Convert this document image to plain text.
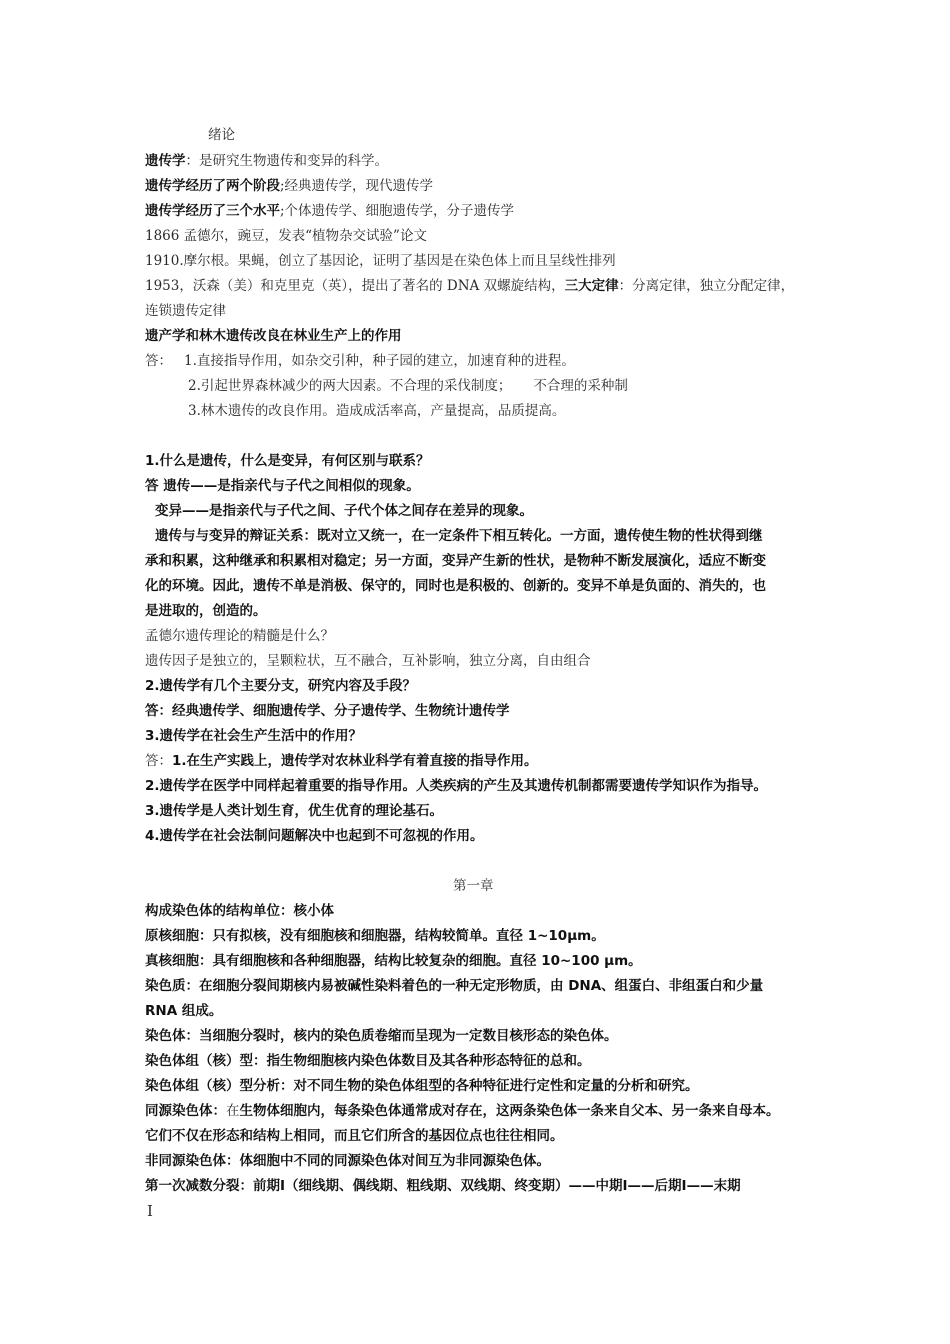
绪论
遗传学：是研究生物遗传和变异的科学。
遗传学经历了两个阶段;经典遗传学，现代遗传学
遗传学经历了三个水平;个体遗传学、细胞遗传学，分子遗传学
1866 孟德尔，豌豆，发表“植物杂交试验”论文
1910.摩尔根。果蝇，创立了基因论，证明了基因是在染色体上而且呈线性排列
1953，沃森（美）和克里克（英），提出了著名的 DNA 双螺旋结构，三大定律：分离定律，独立分配定律，
连锁遗传定律
遗产学和林木遗传改良在林业生产上的作用
答： 1.直接指导作用，如杂交引种，种子园的建立，加速育种的进程。
2.引起世界森林减少的两大因素。不合理的采伐制度； 不合理的采种制
3.林木遗传的改良作用。造成成活率高，产量提高，品质提高。
1.什么是遗传，什么是变异，有何区别与联系？
答 遗传——是指亲代与子代之间相似的现象。
变异——是指亲代与子代之间、子代个体之间存在差异的现象。
遗传与与变异的辩证关系：既对立又统一，在一定条件下相互转化。一方面，遗传使生物的性状得到继
承和积累，这种继承和积累相对稳定；另一方面，变异产生新的性状，是物种不断发展演化，适应不断变
化的环境。因此，遗传不单是消极、保守的，同时也是积极的、创新的。变异不单是负面的、消失的，也
是进取的，创造的。
孟德尔遗传理论的精髓是什么？
遗传因子是独立的，呈颗粒状，互不融合，互补影响，独立分离，自由组合
2.遗传学有几个主要分支，研究内容及手段？
答：经典遗传学、细胞遗传学、分子遗传学、生物统计遗传学
3.遗传学在社会生产生活中的作用？
答：1.在生产实践上，遗传学对农林业科学有着直接的指导作用。
2.遗传学在医学中同样起着重要的指导作用。人类疾病的产生及其遗传机制都需要遗传学知识作为指导。
3.遗传学是人类计划生育，优生优育的理论基石。
4.遗传学在社会法制问题解决中也起到不可忽视的作用。
第一章
构成染色体的结构单位：核小体
原核细胞：只有拟核，没有细胞核和细胞器，结构较简单。直径 1~10μm。
真核细胞：具有细胞核和各种细胞器，结构比较复杂的细胞。直径 10~100 μm。
染色质：在细胞分裂间期核内易被碱性染料着色的一种无定形物质，由 DNA、组蛋白、非组蛋白和少量
RNA 组成。
染色体：当细胞分裂时，核内的染色质卷缩而呈现为一定数目核形态的染色体。
染色体组（核）型：指生物细胞核内染色体数目及其各种形态特征的总和。
染色体组（核）型分析：对不同生物的染色体组型的各种特征进行定性和定量的分析和研究。
同源染色体：在生物体细胞内，每条染色体通常成对存在，这两条染色体一条来自父本、另一条来自母本。
它们不仅在形态和结构上相同，而且它们所含的基因位点也往往相同。
非同源染色体：体细胞中不同的同源染色体对间互为非同源染色体。
第一次减数分裂：前期Ⅰ（细线期、偶线期、粗线期、双线期、终变期）——中期Ⅰ——后期Ⅰ——末期
Ⅰ
